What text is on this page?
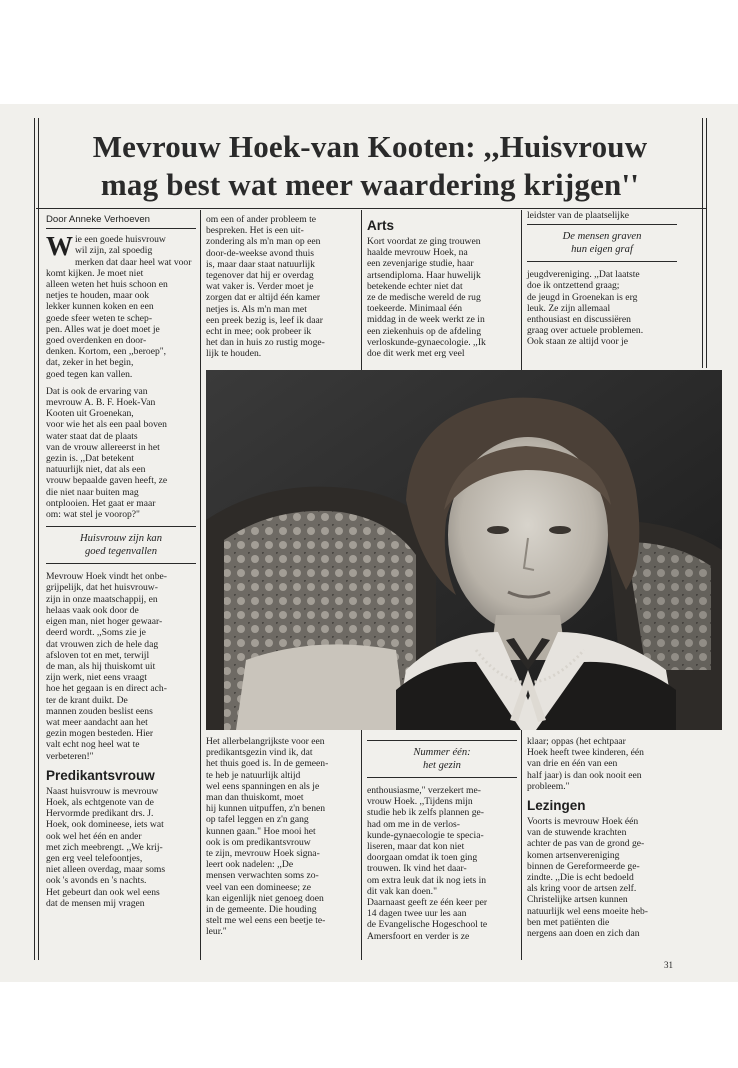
Mevrouw Hoek-van Kooten: ,,Huisvrouw
mag best wat meer waardering krijgen''
Door Anneke Verhoeven

Wie een goede huisvrouw
wil zijn, zal spoedig
merken dat daar heel wat voor
komt kijken. Je moet niet
alleen weten het huis schoon en
netjes te houden, maar ook
lekker kunnen koken en een
goede sfeer weten te schep-
pen. Alles wat je doet moet je
goed overdenken en door-
denken. Kortom, een ,,beroep",
dat, zeker in het begin,
goed tegen kan vallen.

Dat is ook de ervaring van
mevrouw A. B. F. Hoek-Van
Kooten uit Groenekan,
voor wie het als een paal boven
water staat dat de plaats
van de vrouw allereerst in het
gezin is. ,,Dat betekent
natuurlijk niet, dat als een
vrouw bepaalde gaven heeft, ze
die niet naar buiten mag
ontplooien. Het gaat er maar
om: wat stel je voorop?"

Huisvrouw zijn kan
goed tegenvallen

Mevrouw Hoek vindt het onbe-
grijpelijk, dat het huisvrouw-
zijn in onze maatschappij, en
helaas vaak ook door de
eigen man, niet hoger gewaar-
deerd wordt. ,,Soms zie je
dat vrouwen zich de hele dag
afsloven tot en met, terwijl
de man, als hij thuiskomt uit
zijn werk, niet eens vraagt
hoe het gegaan is en direct ach-
ter de krant duikt. De
mannen zouden beslist eens
wat meer aandacht aan het
gezin mogen besteden. Hier
valt echt nog heel wat te
verbeteren!"

Predikantsvrouw

Naast huisvrouw is mevrouw
Hoek, als echtgenote van de
Hervormde predikant drs. J.
Hoek, ook domineese, iets wat
ook wel het één en ander
met zich meebrengt. ,,We krij-
gen erg veel telefoontjes,
niet alleen overdag, maar soms
ook 's avonds en 's nachts.
Het gebeurt dan ook wel eens
dat de mensen mij vragen

om een of ander probleem te
bespreken. Het is een uit-
zondering als m'n man op een
door-de-weekse avond thuis
is, maar daar staat natuurlijk
tegenover dat hij er overdag
wat vaker is. Verder moet je
zorgen dat er altijd één kamer
netjes is. Als m'n man met
een preek bezig is, leef ik daar
echt in mee; ook probeer ik
het dan in huis zo rustig moge-
lijk te houden.

Arts

Kort voordat ze ging trouwen
haalde mevrouw Hoek, na
een zevenjarige studie, haar
artsendiploma. Haar huwelijk
betekende echter niet dat
ze de medische wereld de rug
toekeerde. Minimaal één
middag in de week werkt ze in
een ziekenhuis op de afdeling
verloskunde-gynaecologie. ,,Ik
doe dit werk met erg veel

leidster van de plaatselijke

De mensen graven
hun eigen graf

jeugdvereniging. ,,Dat laatste
doe ik ontzettend graag;
de jeugd in Groenekan is erg
leuk. Ze zijn allemaal
enthousiast en discussiëren
graag over actuele problemen.
Ook staan ze altijd voor je

Het allerbelangrijkste voor een
predikantsgezin vind ik, dat
het thuis goed is. In de gemeen-
te heb je natuurlijk altijd
wel eens spanningen en als je
man dan thuiskomt, moet
hij kunnen uitpuffen, z'n benen
op tafel leggen en z'n gang
kunnen gaan." Hoe mooi het
ook is om predikantsvrouw
te zijn, mevrouw Hoek signa-
leert ook nadelen: ,,De
mensen verwachten soms zo-
veel van een domineese; ze
kan eigenlijk niet genoeg doen
in de gemeente. Die houding
stelt me wel eens een beetje te-
leur."

Nummer één:
het gezin

enthousiasme," verzekert me-
vrouw Hoek. ,,Tijdens mijn
studie heb ik zelfs plannen ge-
had om me in de verlos-
kunde-gynaecologie te specia-
liseren, maar dat kon niet
doorgaan omdat ik toen ging
trouwen. Ik vind het daar-
om extra leuk dat ik nog iets in
dit vak kan doen."
Daarnaast geeft ze één keer per
14 dagen twee uur les aan
de Evangelische Hogeschool te
Amersfoort en verder is ze

klaar; oppas (het echtpaar
Hoek heeft twee kinderen, één
van drie en één van een
half jaar) is dan ook nooit een
probleem."

Lezingen

Voorts is mevrouw Hoek één
van de stuwende krachten
achter de pas van de grond ge-
komen artsenvereniging
binnen de Gereformeerde ge-
zindte. ,,Die is echt bedoeld
als kring voor de artsen zelf.
Christelijke artsen kunnen
natuurlijk wel eens moeite heb-
ben met patiënten die
nergens aan doen en zich dan

31
